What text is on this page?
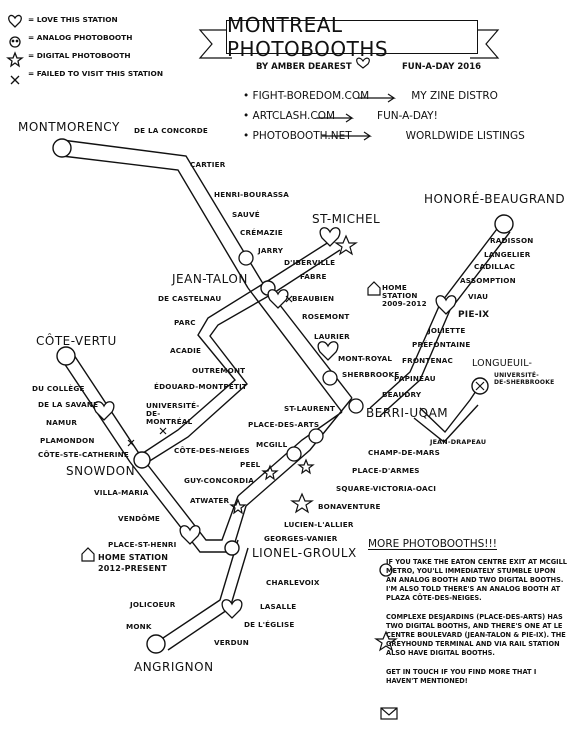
= LOVE THIS STATION
= ANALOG PHOTOBOOTH
= DIGITAL PHOTOBOOTH
= FAILED TO VISIT THIS STATION
MONTREAL PHOTOBOOTHS
BY AMBER DEAREST	FUN-A-DAY 2016
• FIGHT-BOREDOM.COM	MY ZINE DISTRO
• ARTCLASH.COM	FUN-A-DAY!
• PHOTOBOOTH.NET	WORLDWIDE LISTINGS
MONTMORENCY
HONORÉ-BEAUGRAND
CÔTE-VERTU
ANGRIGNON
ST-MICHEL
JEAN-TALON
SNOWDON
BERRI-UQAM
LIONEL-GROULX
LONGUEUIL-
UNIVERSITÉ-
DE-SHERBROOKE
DE LA CONCORDE
CARTIER
HENRI-BOURASSA
SAUVÉ
CRÉMAZIE
JARRY
D'IBERVILLE
FABRE
DE CASTELNAU
PARC
ACADIE
OUTREMONT
ÉDOUARD-MONTPETIT
UNIVERSITÉ-DE-MONTRÉAL
CÔTE-DES-NEIGES
DU COLLÈGE
DE LA SAVANE
NAMUR
PLAMONDON
CÔTE-STE-CATHERINE
VILLA-MARIA
VENDÔME
PLACE-ST-HENRI
BEAUBIEN
ROSEMONT
LAURIER
MONT-ROYAL
SHERBROOKE
RADISSON
LANGELIER
CADILLAC
ASSOMPTION
VIAU
PIE-IX
JOLIETTE
PRÉFONTAINE
FRONTENAC
PAPINEAU
BEAUDRY
ST-LAURENT
PLACE-DES-ARTS
MCGILL
PEEL
GUY-CONCORDIA
ATWATER
BONAVENTURE
LUCIEN-L'ALLIER
GEORGES-VANIER
CHAMP-DE-MARS
PLACE-D'ARMES
SQUARE-VICTORIA-OACI
JEAN-DRAPEAU
CHARLEVOIX
LASALLE
DE L'ÉGLISE
VERDUN
JOLICOEUR
MONK
HOME STATION 2009-2012
HOME STATION 2012-PRESENT
MORE PHOTOBOOTHS!!!

IF YOU TAKE THE EATON CENTRE EXIT AT MCGILL METRO, YOU'LL IMMEDIATELY STUMBLE UPON AN ANALOG BOOTH AND TWO DIGITAL BOOTHS. I'M ALSO TOLD THERE'S AN ANALOG BOOTH AT PLAZA CÔTE-DES-NEIGES.

COMPLEXE DESJARDINS (PLACE-DES-ARTS) HAS TWO DIGITAL BOOTHS, AND THERE'S ONE AT LE CENTRE BOULEVARD (JEAN-TALON & PIE-IX). THE GREYHOUND TERMINAL AND VIA RAIL STATION ALSO HAVE DIGITAL BOOTHS.

GET IN TOUCH IF YOU FIND MORE THAT I HAVEN'T MENTIONED!
